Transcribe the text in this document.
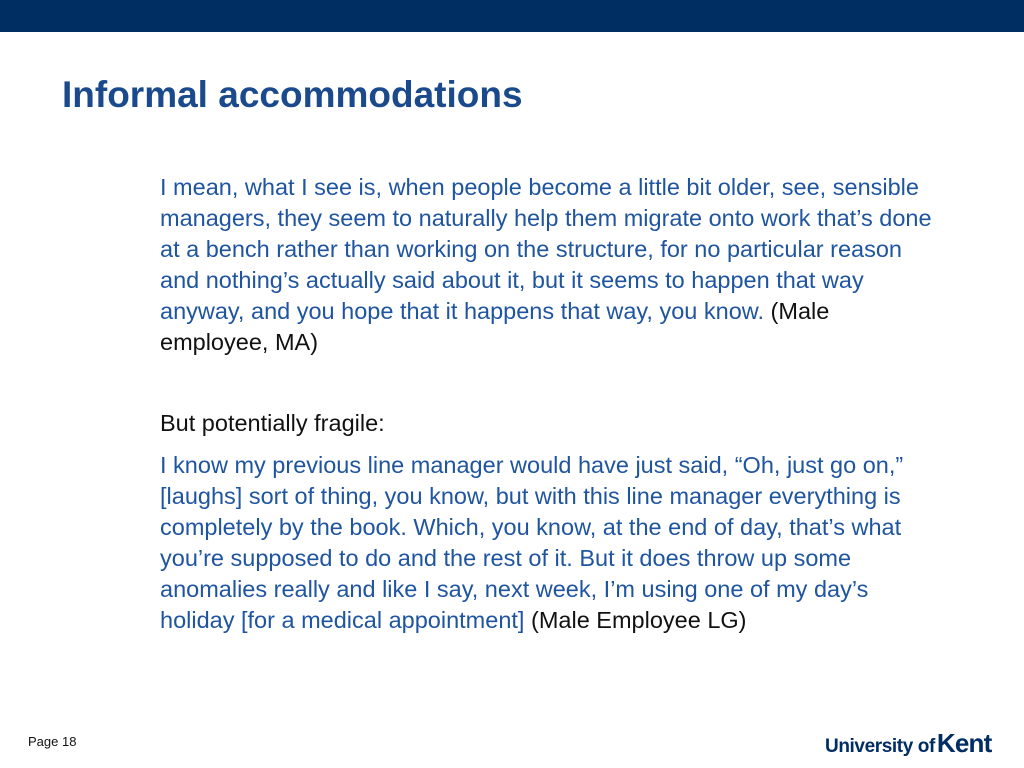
Informal accommodations

I mean, what I see is, when people become a little bit older, see, sensible managers, they seem to naturally help them migrate onto work that’s done at a bench rather than working on the structure, for no particular reason and nothing’s actually said about it, but it seems to happen that way anyway, and you hope that it happens that way, you know. (Male employee, MA)

But potentially fragile:

I know my previous line manager would have just said, “Oh, just go on,” [laughs] sort of thing, you know, but with this line manager everything is completely by the book. Which, you know, at the end of day, that’s what you’re supposed to do and the rest of it. But it does throw up some anomalies really and like I say, next week, I’m using one of my day’s holiday [for a medical appointment] (Male Employee LG)

Page 18	University ofKent
